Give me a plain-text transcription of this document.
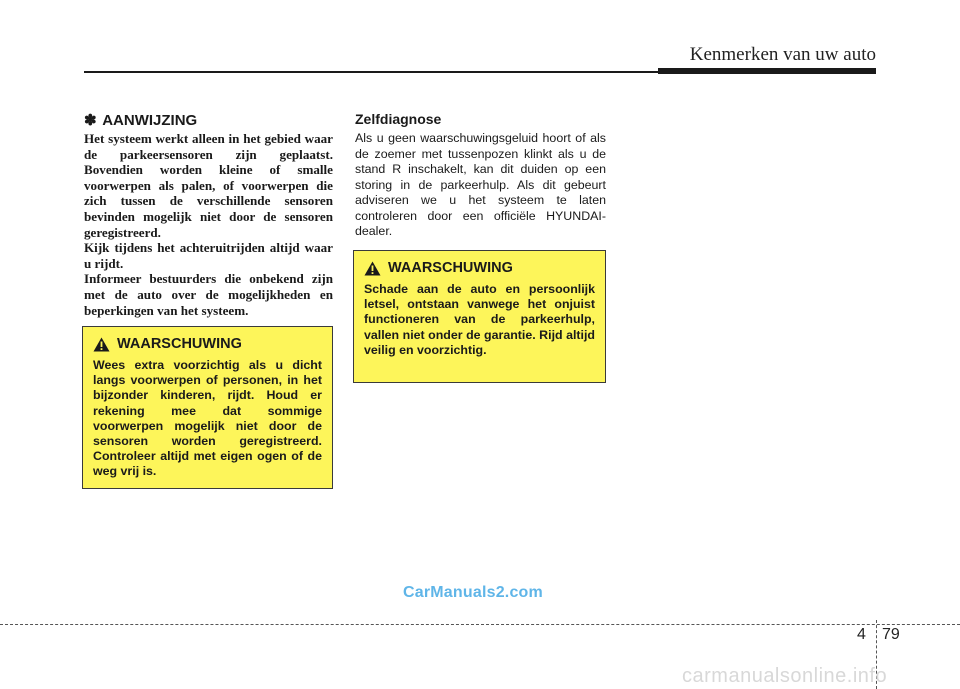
Kenmerken van uw auto
✽ AANWIJZING

Het systeem werkt alleen in het gebied waar de parkeersensoren zijn geplaatst. Bovendien worden kleine of smalle voorwerpen als palen, of voorwerpen die zich tussen de verschillende sensoren bevinden mogelijk niet door de sensoren geregistreerd.

Kijk tijdens het achteruitrijden altijd waar u rijdt.

Informeer bestuurders die onbekend zijn met de auto over de mogelijkheden en beperkingen van het systeem.

WAARSCHUWING

Wees extra voorzichtig als u dicht langs voorwerpen of personen, in het bijzonder kinderen, rijdt. Houd er rekening mee dat sommige voorwerpen mogelijk niet door de sensoren worden geregistreerd. Controleer altijd met eigen ogen of de weg vrij is.

Zelfdiagnose

Als u geen waarschuwingsgeluid hoort of als de zoemer met tussenpozen klinkt als u de stand R inschakelt, kan dit duiden op een storing in de parkeerhulp. Als dit gebeurt adviseren we u het systeem te laten controleren door een officiële HYUNDAI-dealer.

WAARSCHUWING

Schade aan de auto en persoonlijk letsel, ontstaan vanwege het onjuist functioneren van de parkeerhulp, vallen niet onder de garantie. Rijd altijd veilig en voorzichtig.

CarManuals2.com
4 79
carmanualsonline.info
